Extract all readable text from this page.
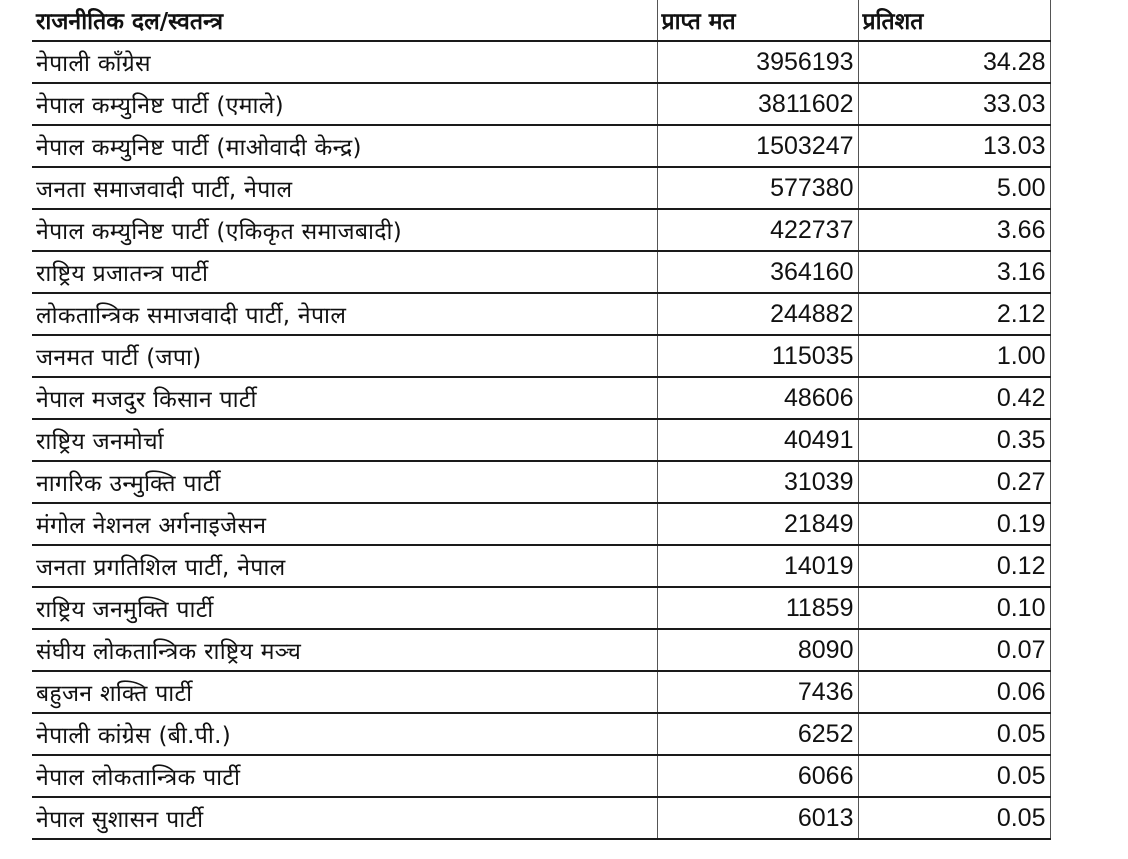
राजनीतिक दल/स्वतन्त्र	प्राप्त मत	प्रतिशत
नेपाली काँग्रेस	3956193	34.28
नेपाल कम्युनिष्ट पार्टी (एमाले)	3811602	33.03
नेपाल कम्युनिष्ट पार्टी (माओवादी केन्द्र)	1503247	13.03
जनता समाजवादी पार्टी, नेपाल	577380	5.00
नेपाल कम्युनिष्ट पार्टी (एकिकृत समाजबादी)	422737	3.66
राष्ट्रिय प्रजातन्त्र पार्टी	364160	3.16
लोकतान्त्रिक समाजवादी पार्टी, नेपाल	244882	2.12
जनमत पार्टी (जपा)	115035	1.00
नेपाल मजदुर किसान पार्टी	48606	0.42
राष्ट्रिय जनमोर्चा	40491	0.35
नागरिक उन्मुक्ति पार्टी	31039	0.27
मंगोल नेशनल अर्गनाइजेसन	21849	0.19
जनता प्रगतिशिल पार्टी, नेपाल	14019	0.12
राष्ट्रिय जनमुक्ति पार्टी	11859	0.10
संघीय लोकतान्त्रिक राष्ट्रिय मञ्च	8090	0.07
बहुजन शक्ति पार्टी	7436	0.06
नेपाली कांग्रेस (बी.पी.)	6252	0.05
नेपाल लोकतान्त्रिक पार्टी	6066	0.05
नेपाल सुशासन पार्टी	6013	0.05
